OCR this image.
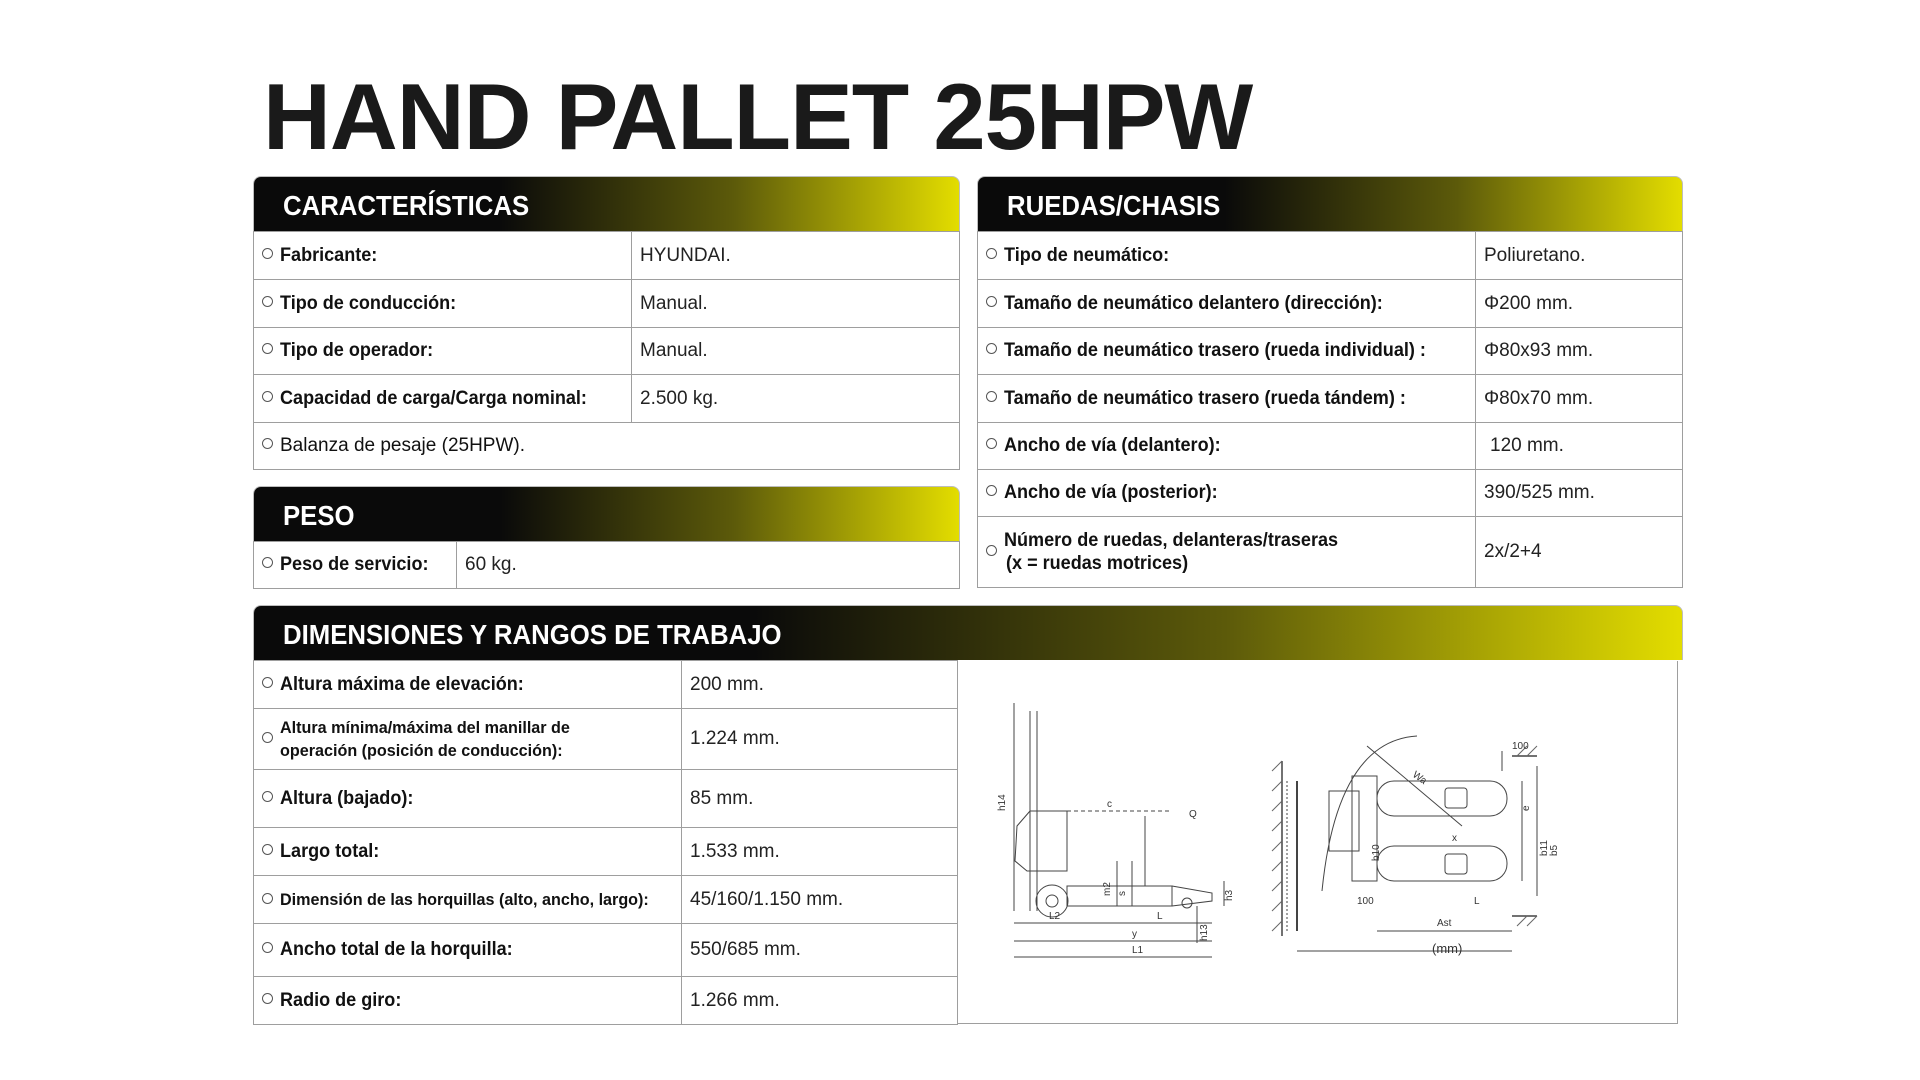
HAND PALLET 25HPW
CARACTERÍSTICAS
Fabricante:	HYUNDAI.
Tipo de conducción:	Manual.
Tipo de operador:	Manual.
Capacidad de carga/Carga nominal:	2.500 kg.
Balanza de pesaje (25HPW).	
PESO
Peso de servicio:	60 kg.
RUEDAS/CHASIS
Tipo de neumático:	Poliuretano.
Tamaño de neumático delantero (dirección):	Φ200 mm.
Tamaño de neumático trasero (rueda individual) :	Φ80x93 mm.
Tamaño de neumático trasero (rueda tándem) :	Φ80x70 mm.
Ancho de vía (delantero):	120 mm.
Ancho de vía (posterior):	390/525 mm.
Número de ruedas, delanteras/traseras
(x = ruedas motrices)	2x/2+4
DIMENSIONES Y RANGOS DE TRABAJO
Altura máxima de elevación:	200 mm.
Altura mínima/máxima del manillar de
operación (posición de conducción):	1.224 mm.
Altura (bajado):	85 mm.
Largo total:	1.533 mm.
Dimensión de las horquillas (alto, ancho, largo):	45/160/1.150 mm.
Ancho total de la horquilla:	550/685 mm.
Radio de giro:	1.266 mm.
h14	c
Q
m2 s	h3
L2	L
y	h13
L1
100
Wa
e
x
b10	b11 b5
100	L
Ast
(mm)
